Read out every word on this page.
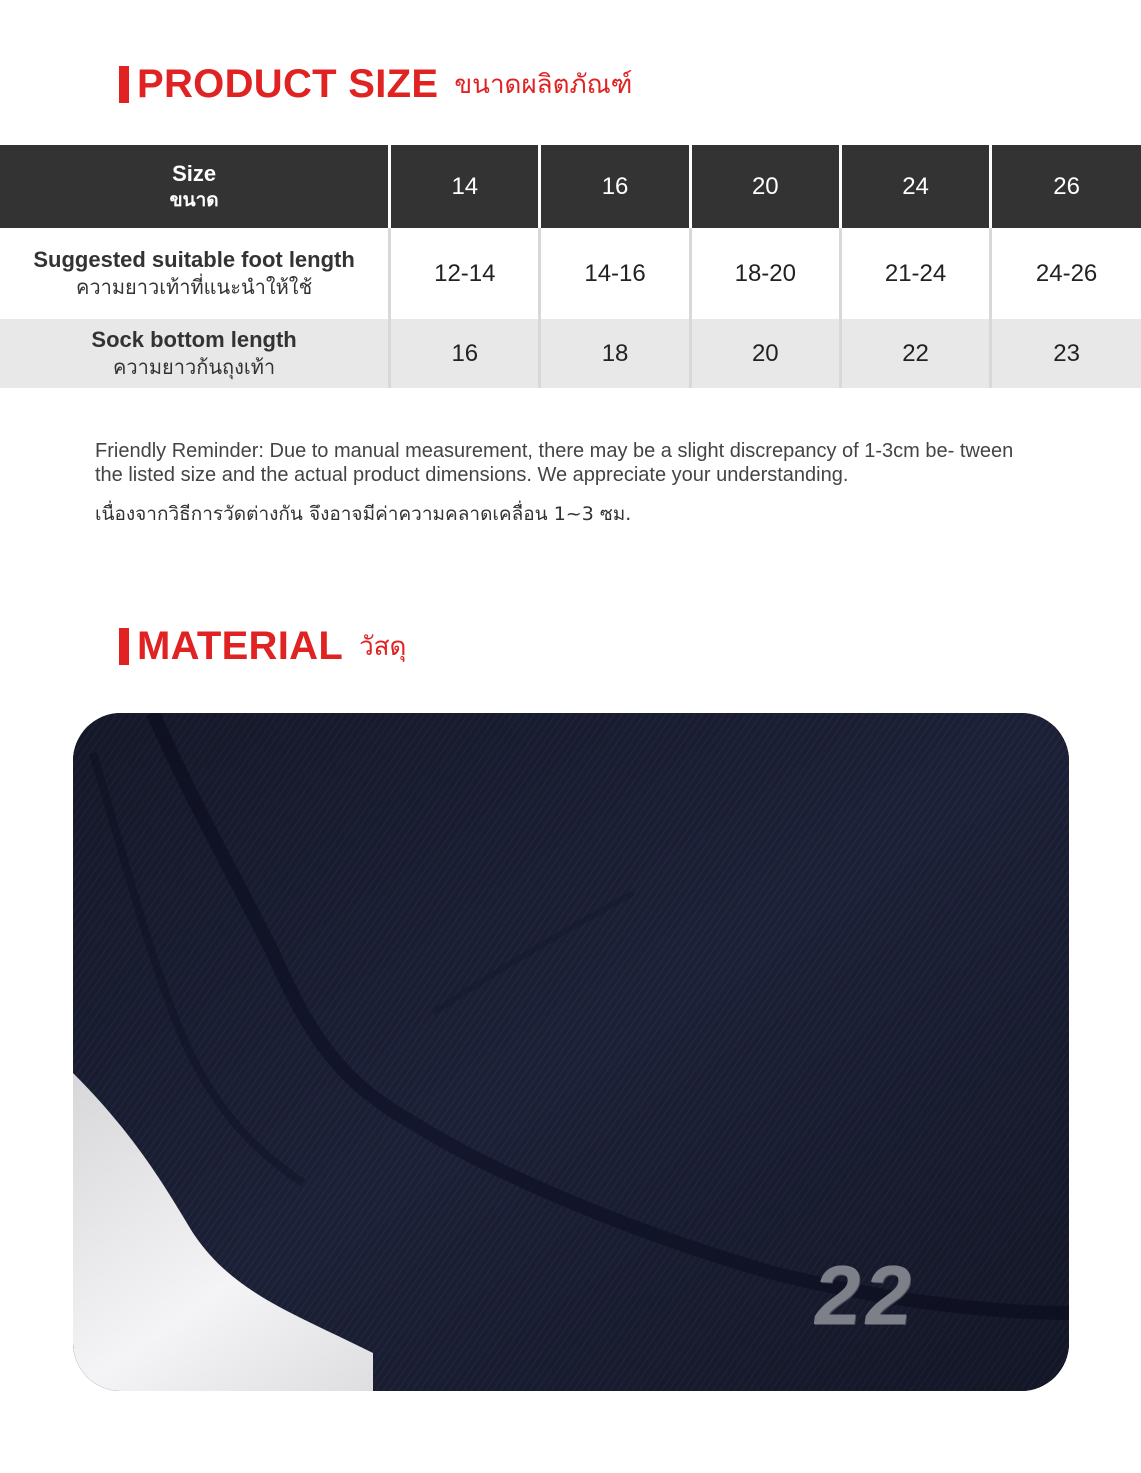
PRODUCT SIZE ขนาดผลิตภัณฑ์
Size
ขนาด	14	16	20	24	26

Suggested suitable foot length
ความยาวเท้าที่แนะนำให้ใช้	12-14	14-16	18-20	21-24	24-26

Sock bottom length
ความยาวก้นถุงเท้า	16	18	20	22	23
Friendly Reminder: Due to manual measurement, there may be a slight discrepancy of 1-3cm be- tween the listed size and the actual product dimensions. We appreciate your understanding.
เนื่องจากวิธีการวัดต่างกัน จึงอาจมีค่าความคลาดเคลื่อน 1~3 ซม.
MATERIAL วัสดุ
22
